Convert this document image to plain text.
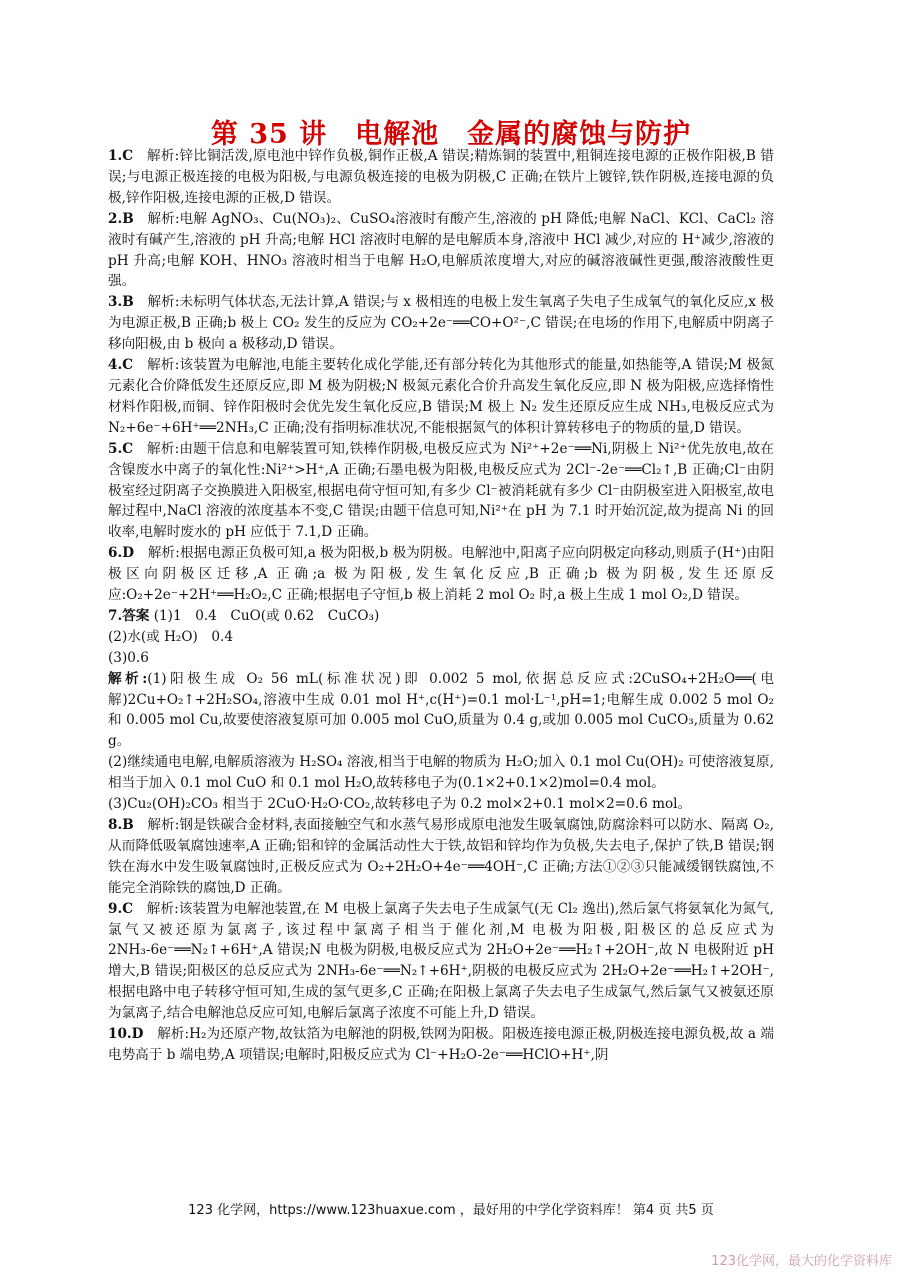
第 35 讲　电解池　金属的腐蚀与防护

1.C　解析:锌比铜活泼,原电池中锌作负极,铜作正极,A 错误;精炼铜的装置中,粗铜连接电源的正极作阳极,B 错误;与电源正极连接的电极为阳极,与电源负极连接的电极为阴极,C 正确;在铁片上镀锌,铁作阴极,连接电源的负极,锌作阳极,连接电源的正极,D 错误。

2.B　解析:电解 AgNO₃、Cu(NO₃)₂、CuSO₄溶液时有酸产生,溶液的 pH 降低;电解 NaCl、KCl、CaCl₂ 溶液时有碱产生,溶液的 pH 升高;电解 HCl 溶液时电解的是电解质本身,溶液中 HCl 减少,对应的 H⁺减少,溶液的 pH 升高;电解 KOH、HNO₃ 溶液时相当于电解 H₂O,电解质浓度增大,对应的碱溶液碱性更强,酸溶液酸性更强。

3.B　解析:未标明气体状态,无法计算,A 错误;与 x 极相连的电极上发生氧离子失电子生成氧气的氧化反应,x 极为电源正极,B 正确;b 极上 CO₂ 发生的反应为 CO₂+2e⁻══CO+O²⁻,C 错误;在电场的作用下,电解质中阴离子移向阳极,由 b 极向 a 极移动,D 错误。

4.C　解析:该装置为电解池,电能主要转化成化学能,还有部分转化为其他形式的能量,如热能等,A 错误;M 极氮元素化合价降低发生还原反应,即 M 极为阴极;N 极氮元素化合价升高发生氧化反应,即 N 极为阳极,应选择惰性材料作阳极,而铜、锌作阳极时会优先发生氧化反应,B 错误;M 极上 N₂ 发生还原反应生成 NH₃,电极反应式为 N₂+6e⁻+6H⁺══2NH₃,C 正确;没有指明标准状况,不能根据氮气的体积计算转移电子的物质的量,D 错误。

5.C　解析:由题干信息和电解装置可知,铁棒作阴极,电极反应式为 Ni²⁺+2e⁻══Ni,阴极上 Ni²⁺优先放电,故在含镍废水中离子的氧化性:Ni²⁺>H⁺,A 正确;石墨电极为阳极,电极反应式为 2Cl⁻-2e⁻══Cl₂↑,B 正确;Cl⁻由阴极室经过阴离子交换膜进入阳极室,根据电荷守恒可知,有多少 Cl⁻被消耗就有多少 Cl⁻由阴极室进入阳极室,故电解过程中,NaCl 溶液的浓度基本不变,C 错误;由题干信息可知,Ni²⁺在 pH 为 7.1 时开始沉淀,故为提高 Ni 的回收率,电解时废水的 pH 应低于 7.1,D 正确。

6.D　解析:根据电源正负极可知,a 极为阳极,b 极为阴极。电解池中,阳离子应向阴极定向移动,则质子(H⁺)由阳极区向阴极区迁移,A 正确;a 极为阳极,发生氧化反应,B 正确;b 极为阴极,发生还原反应:O₂+2e⁻+2H⁺══H₂O₂,C 正确;根据电子守恒,b 极上消耗 2 mol O₂ 时,a 极上生成 1 mol O₂,D 错误。

7.答案 (1)1　0.4　CuO(或 0.62　CuCO₃)

(2)水(或 H₂O)　0.4

(3)0.6

解析:(1)阳极生成 O₂ 56 mL(标准状况)即 0.002 5 mol,依据总反应式:2CuSO₄+2H₂O══(电解)2Cu+O₂↑+2H₂SO₄,溶液中生成 0.01 mol H⁺,c(H⁺)=0.1 mol·L⁻¹,pH=1;电解生成 0.002 5 mol O₂ 和 0.005 mol Cu,故要使溶液复原可加 0.005 mol CuO,质量为 0.4 g,或加 0.005 mol CuCO₃,质量为 0.62 g。

(2)继续通电电解,电解质溶液为 H₂SO₄ 溶液,相当于电解的物质为 H₂O;加入 0.1 mol Cu(OH)₂ 可使溶液复原,相当于加入 0.1 mol CuO 和 0.1 mol H₂O,故转移电子为(0.1×2+0.1×2)mol=0.4 mol。

(3)Cu₂(OH)₂CO₃ 相当于 2CuO·H₂O·CO₂,故转移电子为 0.2 mol×2+0.1 mol×2=0.6 mol。

8.B　解析:钢是铁碳合金材料,表面接触空气和水蒸气易形成原电池发生吸氧腐蚀,防腐涂料可以防水、隔离 O₂,从而降低吸氧腐蚀速率,A 正确;铝和锌的金属活动性大于铁,故铝和锌均作为负极,失去电子,保护了铁,B 错误;钢铁在海水中发生吸氧腐蚀时,正极反应式为 O₂+2H₂O+4e⁻══4OH⁻,C 正确;方法①②③只能减缓钢铁腐蚀,不能完全消除铁的腐蚀,D 正确。

9.C　解析:该装置为电解池装置,在 M 电极上氯离子失去电子生成氯气(无 Cl₂ 逸出),然后氯气将氨氧化为氮气,氯气又被还原为氯离子,该过程中氯离子相当于催化剂,M 电极为阳极,阳极区的总反应式为 2NH₃-6e⁻══N₂↑+6H⁺,A 错误;N 电极为阴极,电极反应式为 2H₂O+2e⁻══H₂↑+2OH⁻,故 N 电极附近 pH 增大,B 错误;阳极区的总反应式为 2NH₃-6e⁻══N₂↑+6H⁺,阴极的电极反应式为 2H₂O+2e⁻══H₂↑+2OH⁻,根据电路中电子转移守恒可知,生成的氢气更多,C 正确;在阳极上氯离子失去电子生成氯气,然后氯气又被氨还原为氯离子,结合电解池总反应可知,电解后氯离子浓度不可能上升,D 错误。

10.D　解析:H₂为还原产物,故钛箔为电解池的阴极,铁网为阳极。阳极连接电源正极,阴极连接电源负极,故 a 端电势高于 b 端电势,A 项错误;电解时,阳极反应式为 Cl⁻+H₂O-2e⁻══HClO+H⁺,阴

123 化学网，https://www.123huaxue.com ，最好用的中学化学资料库！ 第4 页 共5 页
123化学网，最大的化学资料库
